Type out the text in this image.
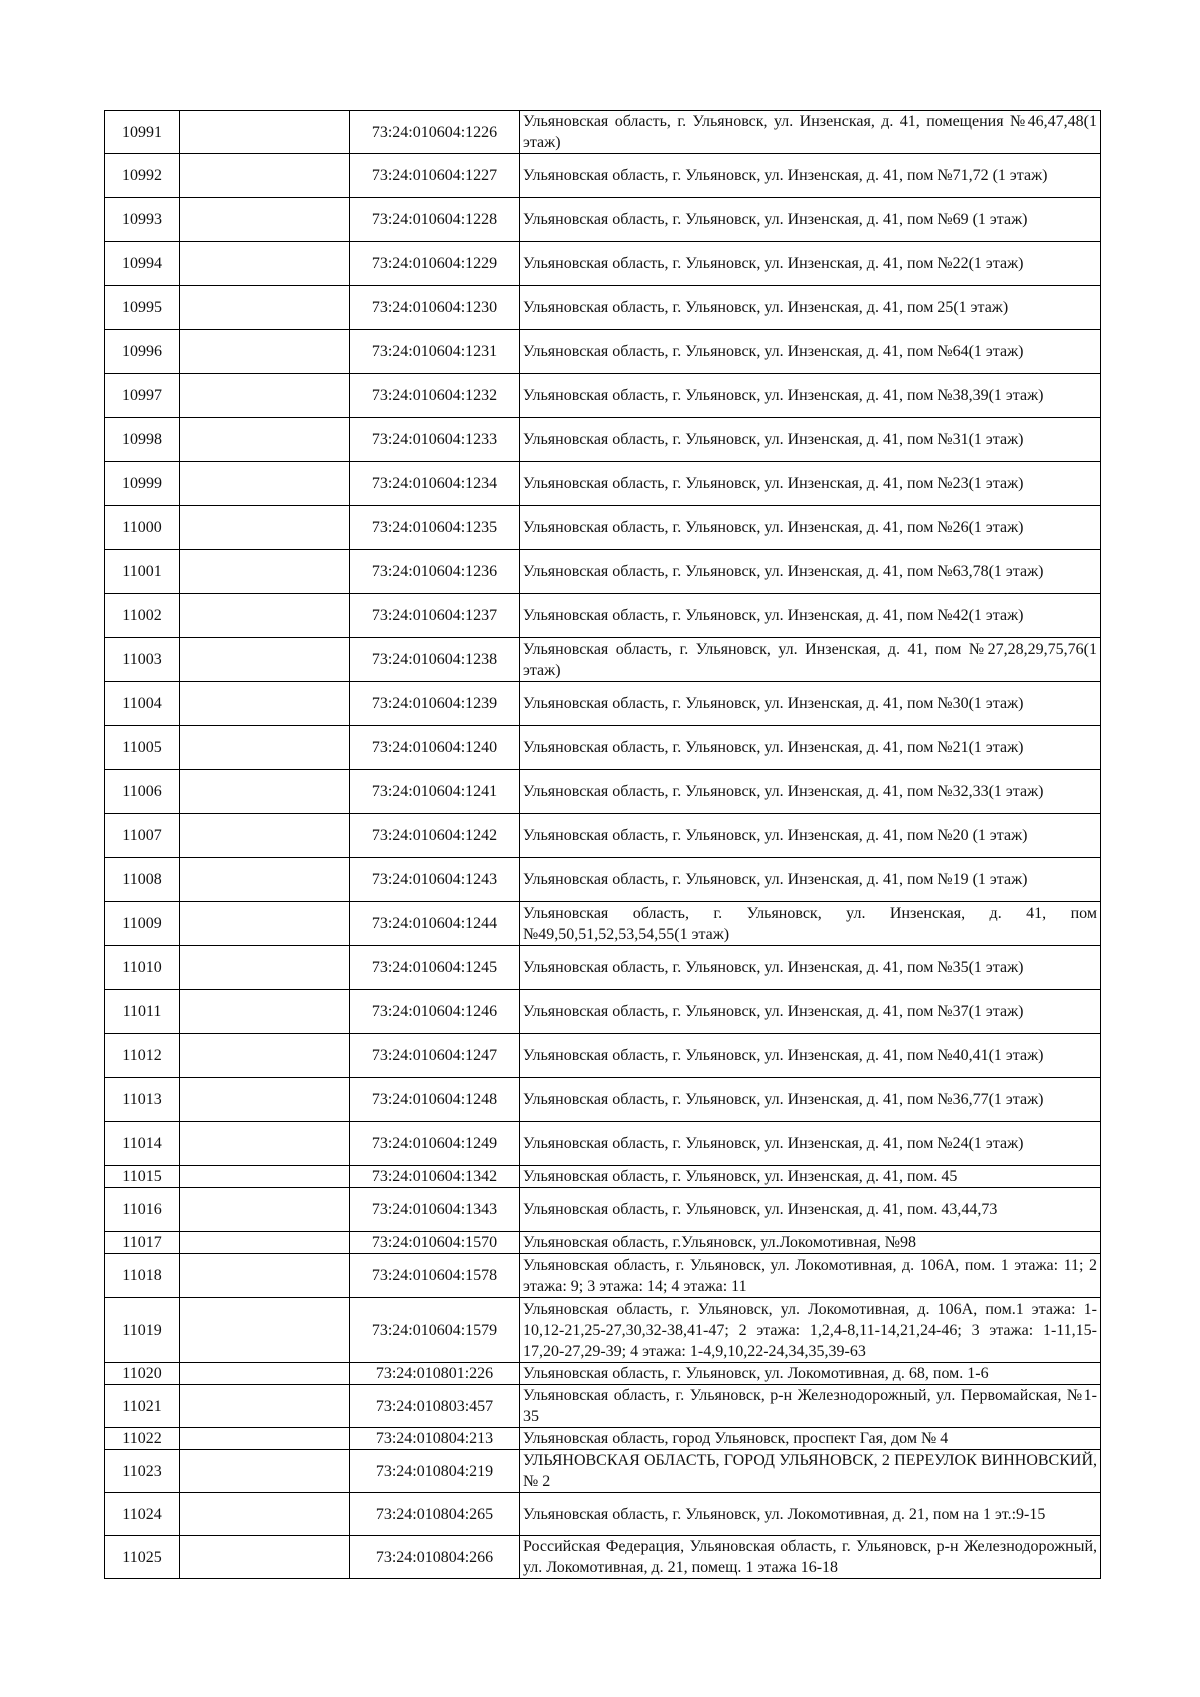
10991		73:24:010604:1226	Ульяновская область, г. Ульяновск, ул. Инзенская, д. 41, помещения №46,47,48(1 этаж)
10992		73:24:010604:1227	Ульяновская область, г. Ульяновск, ул. Инзенская, д. 41, пом №71,72 (1 этаж)
10993		73:24:010604:1228	Ульяновская область, г. Ульяновск, ул. Инзенская, д. 41, пом №69 (1 этаж)
10994		73:24:010604:1229	Ульяновская область, г. Ульяновск, ул. Инзенская, д. 41, пом №22(1 этаж)
10995		73:24:010604:1230	Ульяновская область, г. Ульяновск, ул. Инзенская, д. 41, пом 25(1 этаж)
10996		73:24:010604:1231	Ульяновская область, г. Ульяновск, ул. Инзенская, д. 41, пом №64(1 этаж)
10997		73:24:010604:1232	Ульяновская область, г. Ульяновск, ул. Инзенская, д. 41, пом №38,39(1 этаж)
10998		73:24:010604:1233	Ульяновская область, г. Ульяновск, ул. Инзенская, д. 41, пом №31(1 этаж)
10999		73:24:010604:1234	Ульяновская область, г. Ульяновск, ул. Инзенская, д. 41, пом №23(1 этаж)
11000		73:24:010604:1235	Ульяновская область, г. Ульяновск, ул. Инзенская, д. 41, пом №26(1 этаж)
11001		73:24:010604:1236	Ульяновская область, г. Ульяновск, ул. Инзенская, д. 41, пом №63,78(1 этаж)
11002		73:24:010604:1237	Ульяновская область, г. Ульяновск, ул. Инзенская, д. 41, пом №42(1 этаж)
11003		73:24:010604:1238	Ульяновская область, г. Ульяновск, ул. Инзенская, д. 41, пом №27,28,29,75,76(1 этаж)
11004		73:24:010604:1239	Ульяновская область, г. Ульяновск, ул. Инзенская, д. 41, пом №30(1 этаж)
11005		73:24:010604:1240	Ульяновская область, г. Ульяновск, ул. Инзенская, д. 41, пом №21(1 этаж)
11006		73:24:010604:1241	Ульяновская область, г. Ульяновск, ул. Инзенская, д. 41, пом №32,33(1 этаж)
11007		73:24:010604:1242	Ульяновская область, г. Ульяновск, ул. Инзенская, д. 41, пом №20 (1 этаж)
11008		73:24:010604:1243	Ульяновская область, г. Ульяновск, ул. Инзенская, д. 41, пом №19 (1 этаж)
11009		73:24:010604:1244	Ульяновская область, г. Ульяновск, ул. Инзенская, д. 41, пом №49,50,51,52,53,54,55(1 этаж)
11010		73:24:010604:1245	Ульяновская область, г. Ульяновск, ул. Инзенская, д. 41, пом №35(1 этаж)
11011		73:24:010604:1246	Ульяновская область, г. Ульяновск, ул. Инзенская, д. 41, пом №37(1 этаж)
11012		73:24:010604:1247	Ульяновская область, г. Ульяновск, ул. Инзенская, д. 41, пом №40,41(1 этаж)
11013		73:24:010604:1248	Ульяновская область, г. Ульяновск, ул. Инзенская, д. 41, пом №36,77(1 этаж)
11014		73:24:010604:1249	Ульяновская область, г. Ульяновск, ул. Инзенская, д. 41, пом №24(1 этаж)
11015		73:24:010604:1342	Ульяновская область, г. Ульяновск, ул. Инзенская, д. 41, пом. 45
11016		73:24:010604:1343	Ульяновская область, г. Ульяновск, ул. Инзенская, д. 41, пом. 43,44,73
11017		73:24:010604:1570	Ульяновская область, г.Ульяновск, ул.Локомотивная, №98
11018		73:24:010604:1578	Ульяновская область, г. Ульяновск, ул. Локомотивная, д. 106А, пом. 1 этажа: 11; 2 этажа: 9; 3 этажа: 14; 4 этажа: 11
11019		73:24:010604:1579	Ульяновская область, г. Ульяновск, ул. Локомотивная, д. 106А, пом.1 этажа: 1-10,12-21,25-27,30,32-38,41-47; 2 этажа: 1,2,4-8,11-14,21,24-46; 3 этажа: 1-11,15-17,20-27,29-39; 4 этажа: 1-4,9,10,22-24,34,35,39-63
11020		73:24:010801:226	Ульяновская область, г. Ульяновск, ул. Локомотивная, д. 68, пом. 1-6
11021		73:24:010803:457	Ульяновская область, г. Ульяновск, р-н Железнодорожный, ул. Первомайская, №1-35
11022		73:24:010804:213	Ульяновская область, город Ульяновск, проспект Гая, дом № 4
11023		73:24:010804:219	УЛЬЯНОВСКАЯ ОБЛАСТЬ, ГОРОД УЛЬЯНОВСК, 2 ПЕРЕУЛОК ВИННОВСКИЙ, № 2
11024		73:24:010804:265	Ульяновская область, г. Ульяновск, ул. Локомотивная, д. 21, пом на 1 эт.:9-15
11025		73:24:010804:266	Российская Федерация, Ульяновская область, г. Ульяновск, р-н Железнодорожный, ул. Локомотивная, д. 21, помещ. 1 этажа 16-18
